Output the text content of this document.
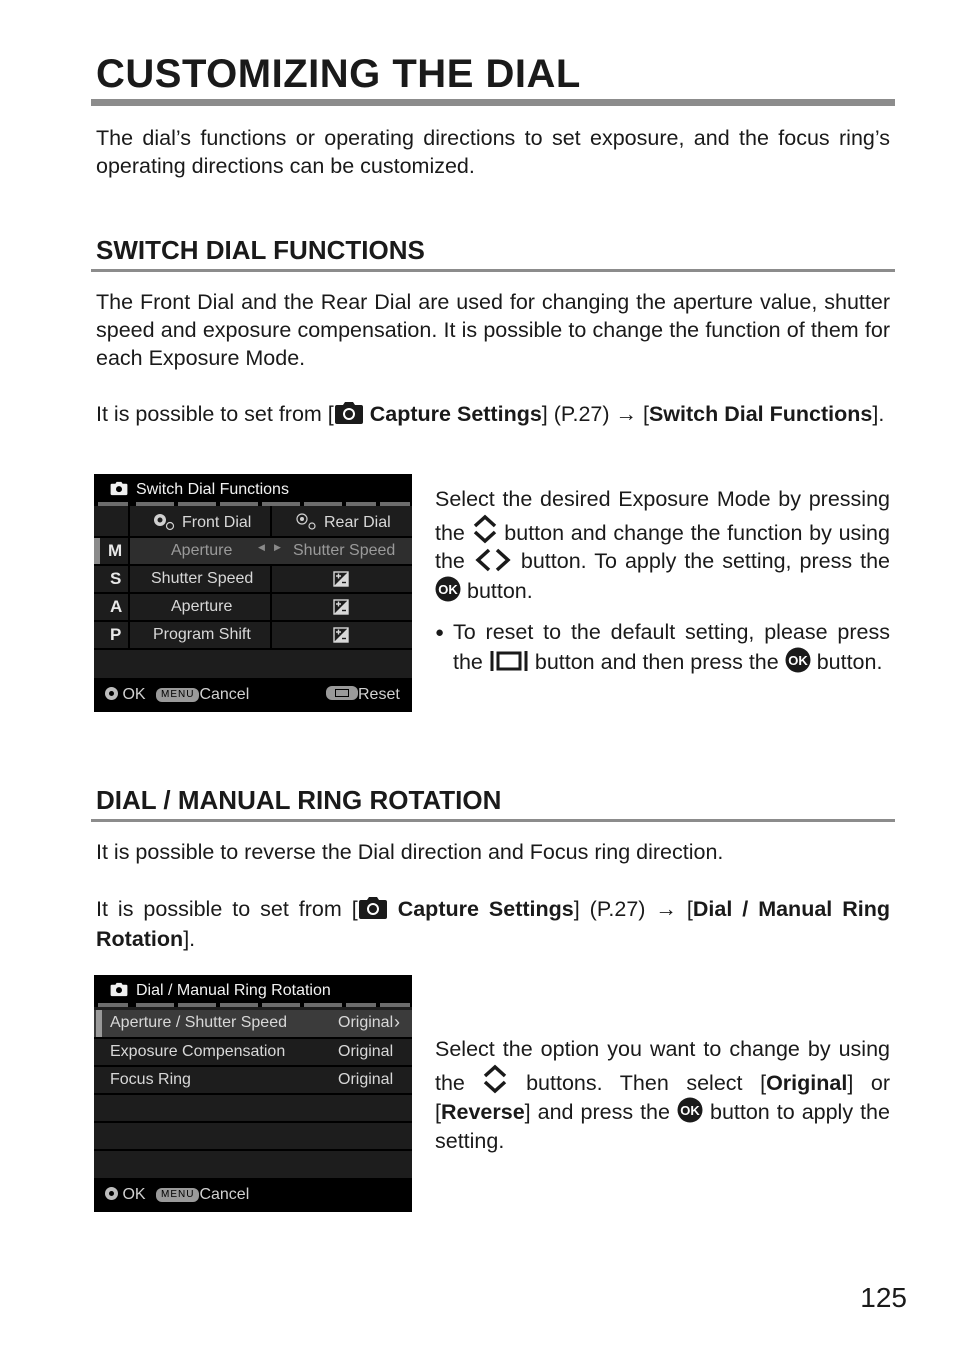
CUSTOMIZING THE DIAL

The dial’s functions or operating directions to set exposure, and the focus ring’s operating directions can be customized.

SWITCH DIAL FUNCTIONS

The Front Dial and the Rear Dial are used for changing the aperture value, shutter speed and exposure compensation. It is possible to change the function of them for each Exposure Mode.

It is possible to set from [ Capture Settings] (P.27) → [Switch Dial Functions].

Switch Dial Functions
Front Dial	Rear Dial
M	Aperture	◀ ▶ Shutter Speed
S Shutter Speed
A	Aperture
P Program Shift
OK	MENU Cancel	Reset

Select the desired Exposure Mode by pressing the button and change the function by using the	button. To apply the setting, press the
OK button.

● To reset to the default setting, please press the button and then press the OK button.

DIAL / MANUAL RING ROTATION

It is possible to reverse the Dial direction and Focus ring direction.

It is possible to set from [ Capture Settings] (P.27) → [Dial / Manual Ring Rotation].

Dial / Manual Ring Rotation
Aperture / Shutter Speed	Original ›
Exposure Compensation	Original
Focus Ring	Original
OK	MENU Cancel

Select the option you want to change by using the	buttons. Then select [Original] or [Reverse] and press the OK button to apply the setting.

125
